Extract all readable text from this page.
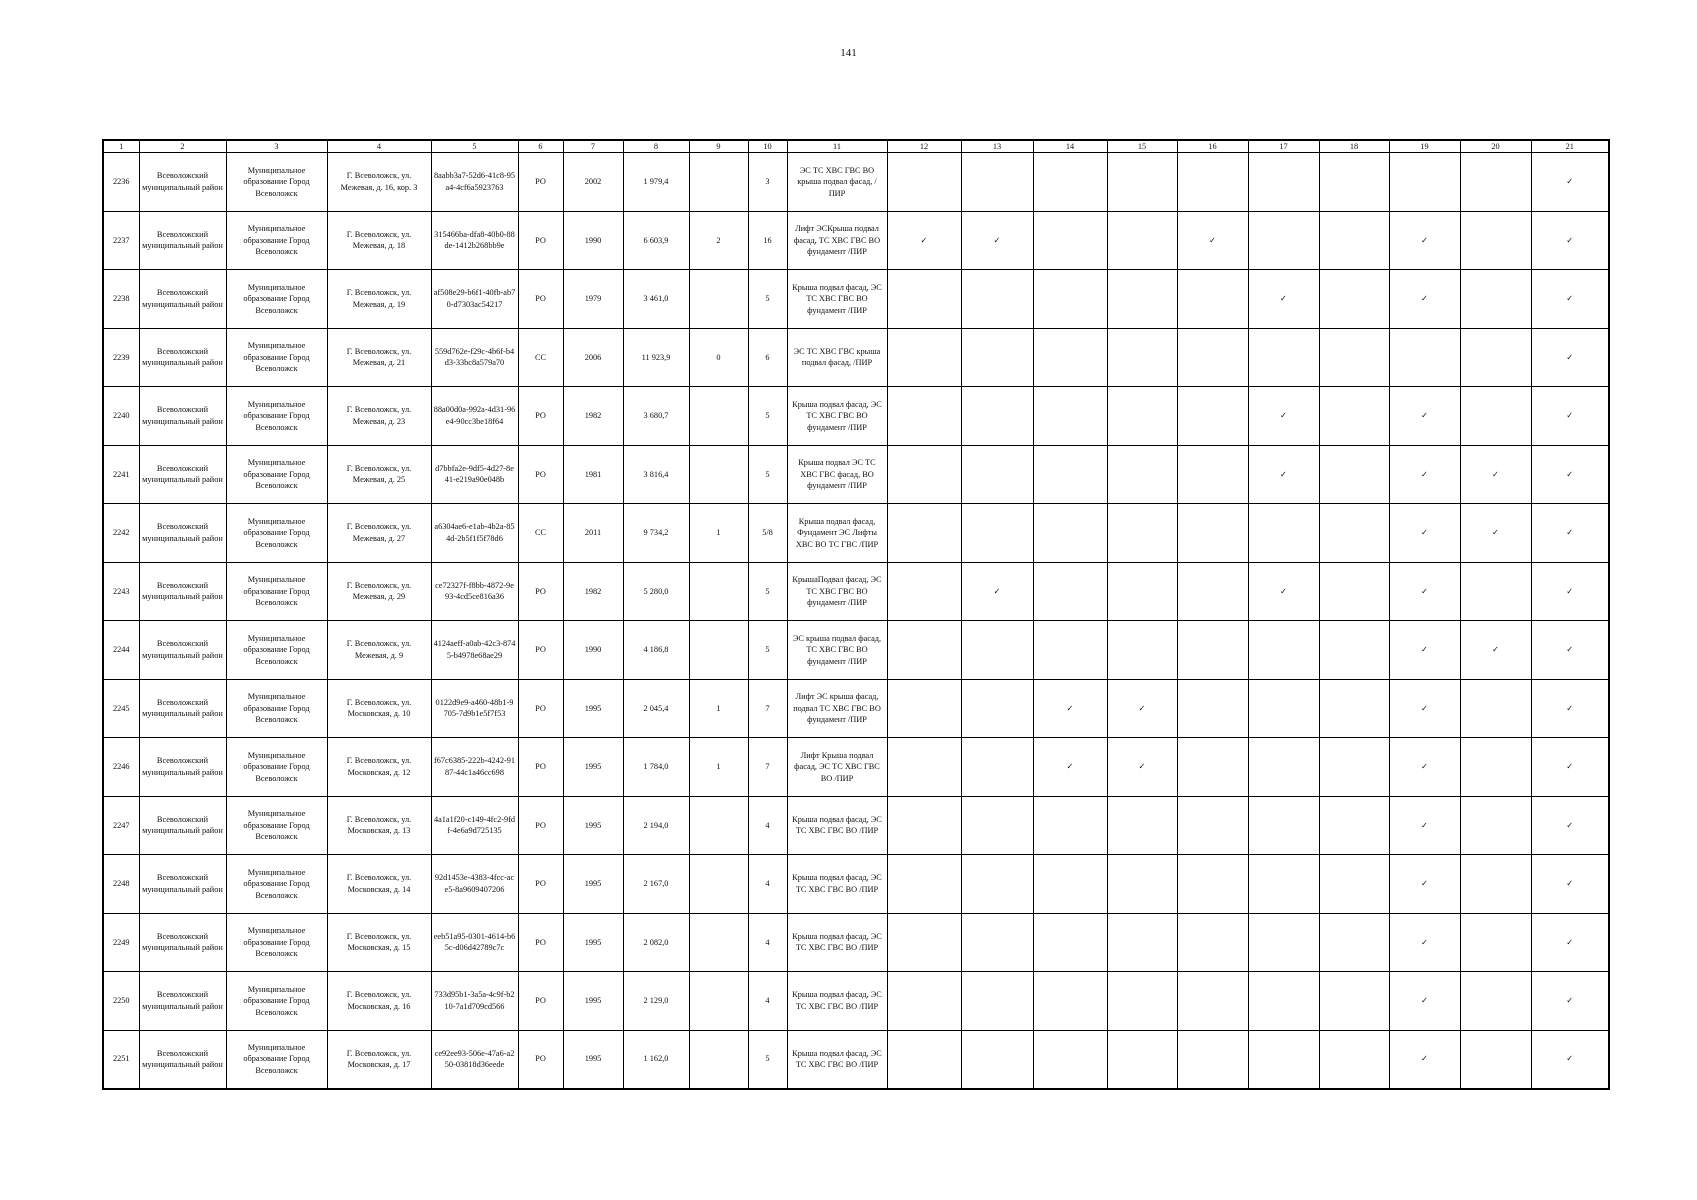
141
1	2	3	4	5	6	7	8	9	10	11	12	13	14	15	16	17	18	19	20	21
2236	Всеволожский муниципальный район	Муниципальное образование Город Всеволожск	Г. Всеволожск, ул. Межевая, д. 16, кор. 3	8aabb3a7-52d6-41c8-95a4-4cf6a5923763	РО	2002	1 979,4		3	ЭС ТС ХВС ГВС ВО крыша подвал фасад, /ПИР										✓
2237	Всеволожский муниципальный район	Муниципальное образование Город Всеволожск	Г. Всеволожск, ул. Межевая, д. 18	315466ba-dfa8-40b0-88de-1412b268bb9e	РО	1990	6 603,9	2	16	Лифт ЭСКрыша подвал фасад, ТС ХВС ГВС ВО фундамент /ПИР	✓	✓			✓			✓		✓
2238	Всеволожский муниципальный район	Муниципальное образование Город Всеволожск	Г. Всеволожск, ул. Межевая, д. 19	af508e29-b6f1-40fb-ab70-d7303ac54217	РО	1979	3 461,0		5	Крыша подвал фасад, ЭС ТС ХВС ГВС ВО фундамент /ПИР						✓		✓		✓
2239	Всеволожский муниципальный район	Муниципальное образование Город Всеволожск	Г. Всеволожск, ул. Межевая, д. 21	559d762e-f29c-4b6f-b4d3-33bc8a579a70	СС	2006	11 923,9	0	6	ЭС ТС ХВС ГВС крыша подвал фасад, /ПИР										✓
2240	Всеволожский муниципальный район	Муниципальное образование Город Всеволожск	Г. Всеволожск, ул. Межевая, д. 23	88a00d0a-992a-4d31-96e4-90cc3be18f64	РО	1982	3 680,7		5	Крыша подвал фасад, ЭС ТС ХВС ГВС ВО фундамент /ПИР						✓		✓		✓
2241	Всеволожский муниципальный район	Муниципальное образование Город Всеволожск	Г. Всеволожск, ул. Межевая, д. 25	d7bbfa2e-9df5-4d27-8e41-e219a90e048b	РО	1981	3 816,4		5	Крыша подвал ЭС ТС ХВС ГВС фасад, ВО фундамент /ПИР						✓		✓	✓	✓
2242	Всеволожский муниципальный район	Муниципальное образование Город Всеволожск	Г. Всеволожск, ул. Межевая, д. 27	a6304ae6-e1ab-4b2a-854d-2b5f1f5f78d6	СС	2011	9 734,2	1	5/8	Крыша подвал фасад, Фундамент ЭС Лифты ХВС ВО ТС ГВС /ПИР								✓	✓	✓
2243	Всеволожский муниципальный район	Муниципальное образование Город Всеволожск	Г. Всеволожск, ул. Межевая, д. 29	ce72327f-f8bb-4872-9e93-4cd5ce816a36	РО	1982	5 280,0		5	КрышаПодвал фасад, ЭС ТС ХВС ГВС ВО фундамент /ПИР		✓				✓		✓		✓
2244	Всеволожский муниципальный район	Муниципальное образование Город Всеволожск	Г. Всеволожск, ул. Межевая, д. 9	4124aeff-a0ab-42c3-8745-b4978e68ae29	РО	1990	4 186,8		5	ЭС крыша подвал фасад, ТС ХВС ГВС ВО фундамент /ПИР								✓	✓	✓
2245	Всеволожский муниципальный район	Муниципальное образование Город Всеволожск	Г. Всеволожск, ул. Московская, д. 10	0122d9e9-a460-48b1-9705-7d9b1e5f7f53	РО	1995	2 045,4	1	7	Лифт ЭС крыша фасад, подвал ТС ХВС ГВС ВО фундамент /ПИР			✓	✓				✓		✓
2246	Всеволожский муниципальный район	Муниципальное образование Город Всеволожск	Г. Всеволожск, ул. Московская, д. 12	f67c6385-222b-4242-9187-44c1a46cc698	РО	1995	1 784,0	1	7	Лифт Крыша подвал фасад, ЭС ТС ХВС ГВС ВО /ПИР			✓	✓				✓		✓
2247	Всеволожский муниципальный район	Муниципальное образование Город Всеволожск	Г. Всеволожск, ул. Московская, д. 13	4a1a1f20-c149-4fc2-9fdf-4e6a9d725135	РО	1995	2 194,0		4	Крыша подвал фасад, ЭС ТС ХВС ГВС ВО /ПИР								✓		✓
2248	Всеволожский муниципальный район	Муниципальное образование Город Всеволожск	Г. Всеволожск, ул. Московская, д. 14	92d1453e-4383-4fcc-ace5-8a9609407206	РО	1995	2 167,0		4	Крыша подвал фасад, ЭС ТС ХВС ГВС ВО /ПИР								✓		✓
2249	Всеволожский муниципальный район	Муниципальное образование Город Всеволожск	Г. Всеволожск, ул. Московская, д. 15	eeb51a95-0301-4614-b65c-d06d42789c7c	РО	1995	2 082,0		4	Крыша подвал фасад, ЭС ТС ХВС ГВС ВО /ПИР								✓		✓
2250	Всеволожский муниципальный район	Муниципальное образование Город Всеволожск	Г. Всеволожск, ул. Московская, д. 16	733d95b1-3a5a-4c9f-b210-7a1d709cd566	РО	1995	2 129,0		4	Крыша подвал фасад, ЭС ТС ХВС ГВС ВО /ПИР								✓		✓
2251	Всеволожский муниципальный район	Муниципальное образование Город Всеволожск	Г. Всеволожск, ул. Московская, д. 17	ce92ee93-506e-47a6-a250-03818d36eede	РО	1995	1 162,0		5	Крыша подвал фасад, ЭС ТС ХВС ГВС ВО /ПИР								✓		✓
